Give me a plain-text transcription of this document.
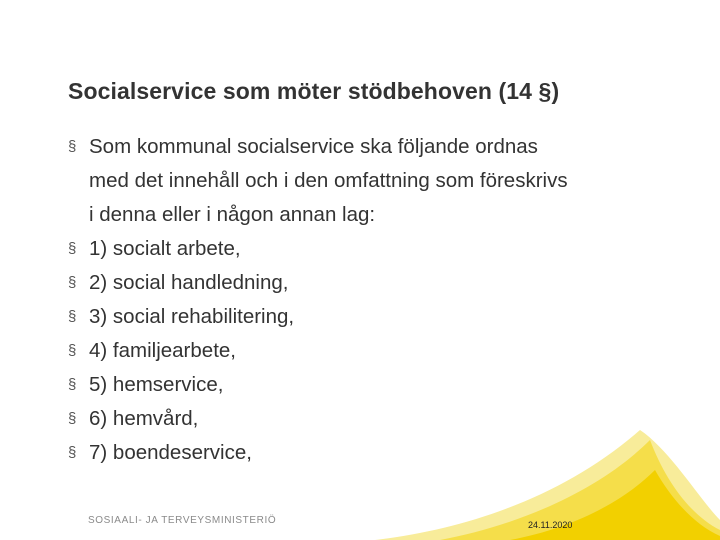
Socialservice som möter stödbehoven (14 §)
§ Som kommunal socialservice ska följande ordnas
med det innehåll och i den omfattning som föreskrivs
i denna eller i någon annan lag:
§ 1) socialt arbete,
§ 2) social handledning,
§ 3) social rehabilitering,
§ 4) familjearbete,
§ 5) hemservice,
§ 6) hemvård,
§ 7) boendeservice,
SOSIAALI- JA TERVEYSMINISTERIÖ	24.11.2020
